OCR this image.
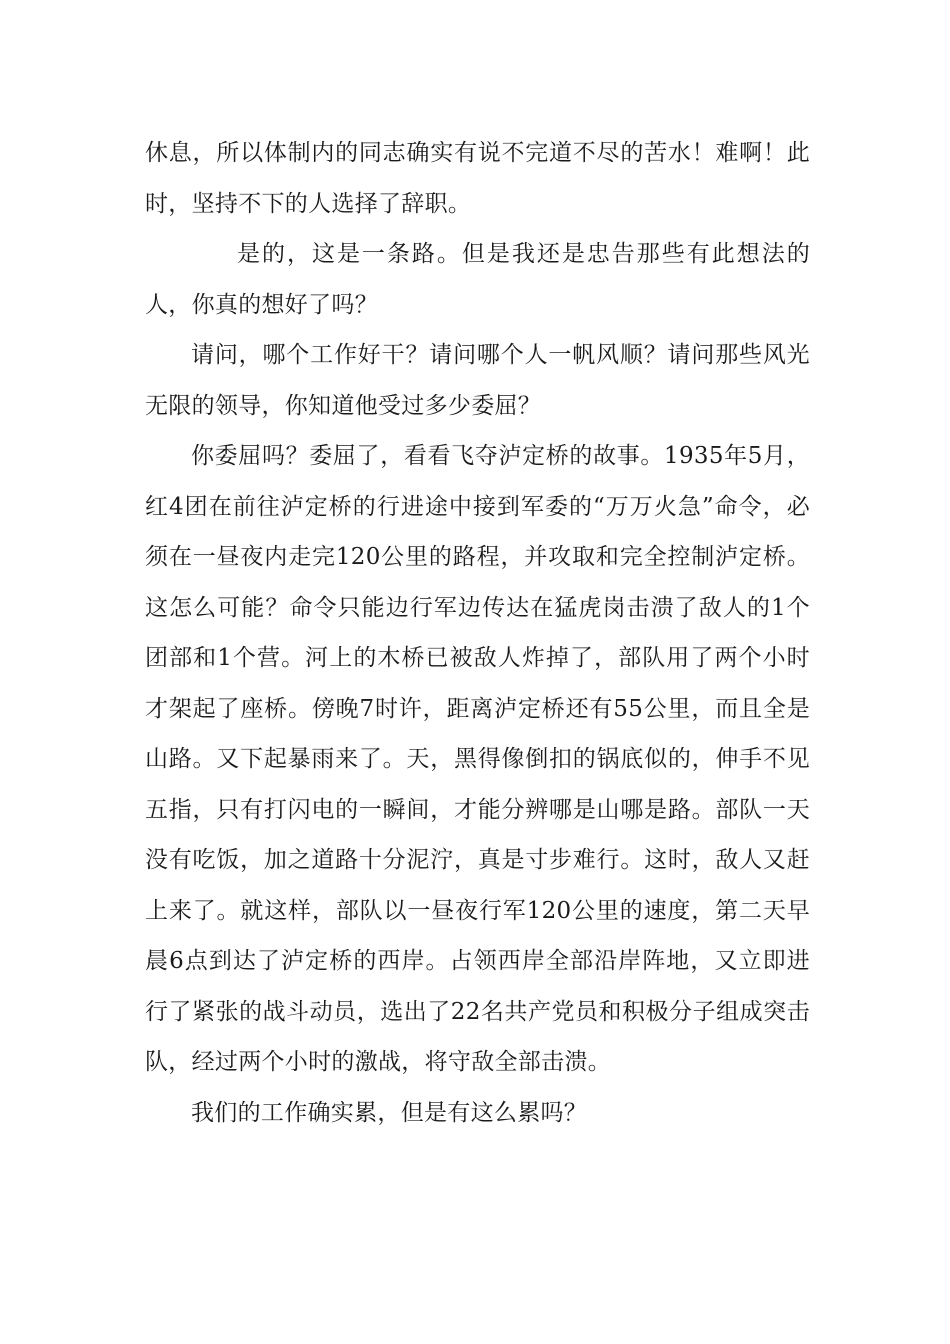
休息，所以体制内的同志确实有说不完道不尽的苦水！难啊！此时，坚持不下的人选择了辞职。

是的，这是一条路。但是我还是忠告那些有此想法的人，你真的想好了吗？

请问，哪个工作好干？请问哪个人一帆风顺？请问那些风光无限的领导，你知道他受过多少委屈？

你委屈吗？委屈了，看看飞夺泸定桥的故事。1935年5月，红4团在前往泸定桥的行进途中接到军委的“万万火急”命令，必须在一昼夜内走完120公里的路程，并攻取和完全控制泸定桥。这怎么可能？命令只能边行军边传达在猛虎岗击溃了敌人的1个团部和1个营。河上的木桥已被敌人炸掉了，部队用了两个小时才架起了座桥。傍晚7时许，距离泸定桥还有55公里，而且全是山路。又下起暴雨来了。天，黑得像倒扣的锅底似的，伸手不见五指，只有打闪电的一瞬间，才能分辨哪是山哪是路。部队一天没有吃饭，加之道路十分泥泞，真是寸步难行。这时，敌人又赶上来了。就这样，部队以一昼夜行军120公里的速度，第二天早晨6点到达了泸定桥的西岸。占领西岸全部沿岸阵地，又立即进行了紧张的战斗动员，选出了22名共产党员和积极分子组成突击队，经过两个小时的激战，将守敌全部击溃。

我们的工作确实累，但是有这么累吗？
